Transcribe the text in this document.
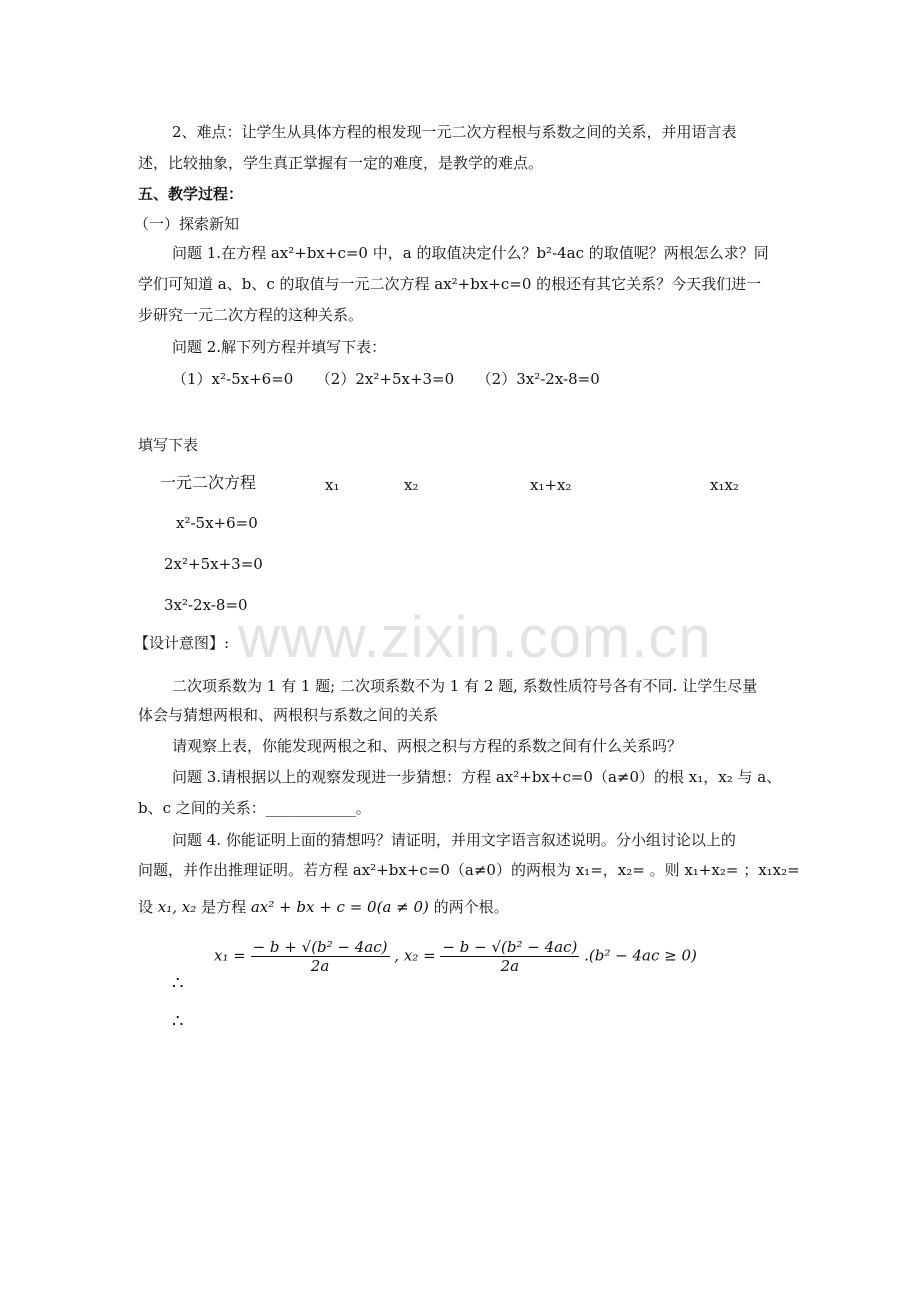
www.zixin.com.cn
2、难点：让学生从具体方程的根发现一元二次方程根与系数之间的关系，并用语言表
述，比较抽象，学生真正掌握有一定的难度，是教学的难点。
五、教学过程：
（一）探索新知
问题 1.在方程 ax²+bx+c=0 中，a 的取值决定什么？b²-4ac 的取值呢？两根怎么求？同
学们可知道 a、b、c 的取值与一元二次方程 ax²+bx+c=0 的根还有其它关系？今天我们进一
步研究一元二次方程的这种关系。
问题 2.解下列方程并填写下表：
（1）x²-5x+6=0　　（2）2x²+5x+3=0　　（2）3x²-2x-8=0
填写下表
一元二次方程	x₁	x₂	x₁+x₂	x₁x₂
x²-5x+6=0
2x²+5x+3=0
3x²-2x-8=0
【设计意图】:
二次项系数为 1 有 1 题; 二次项系数不为 1 有 2 题, 系数性质符号各有不同. 让学生尽量
体会与猜想两根和、两根积与系数之间的关系
请观察上表，你能发现两根之和、两根之积与方程的系数之间有什么关系吗？
问题 3.请根据以上的观察发现进一步猜想：方程 ax²+bx+c=0（a≠0）的根 x₁，x₂ 与 a、
b、c 之间的关系：____________。
问题 4. 你能证明上面的猜想吗？请证明，并用文字语言叙述说明。分小组讨论以上的
问题，并作出推理证明。若方程 ax²+bx+c=0（a≠0）的两根为 x₁=，x₂= 。则 x₁+x₂= ；x₁x₂=
设 x₁, x₂ 是方程 ax² + bx + c = 0(a ≠ 0) 的两个根。
$x_1 = \frac{\text{− b + √(b² − 4ac)}}{2a}$ , $x_2 = \frac{\text{− b − √(b² − 4ac)}}{2a} .(b^2 - 4ac \ge 0)$
∴
∴
